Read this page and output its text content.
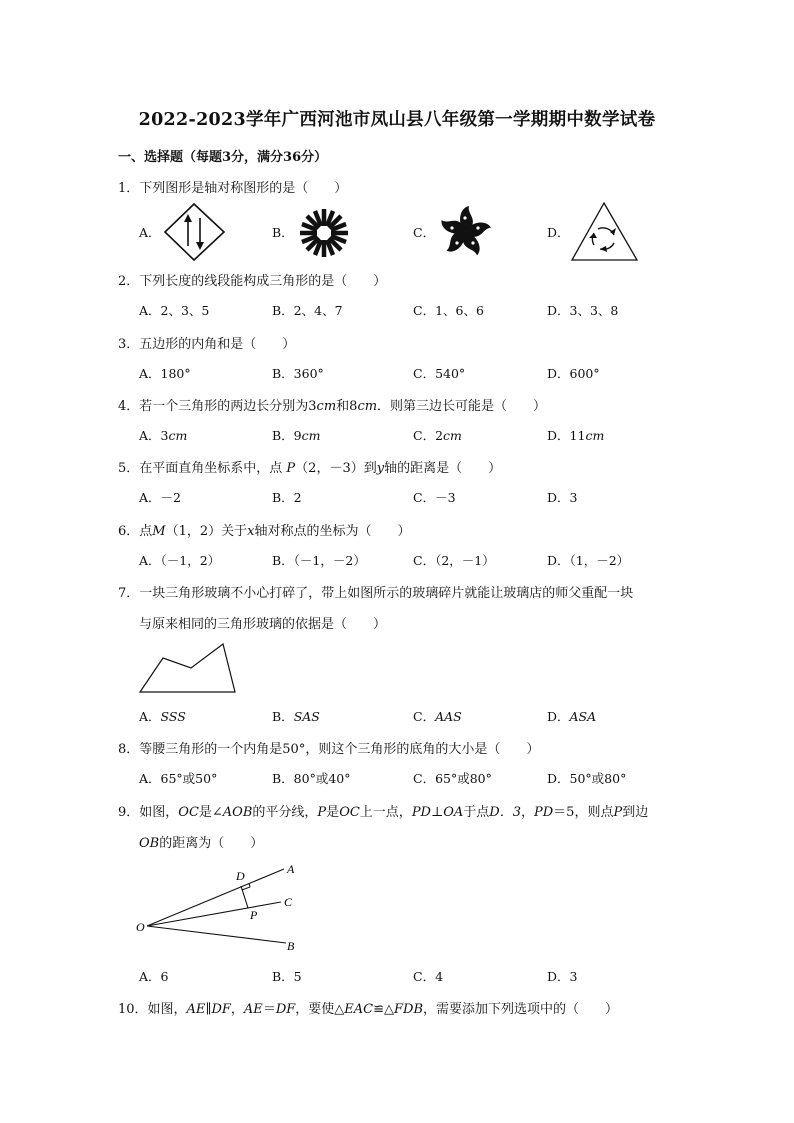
2022-2023学年广西河池市凤山县八年级第一学期期中数学试卷
一、选择题（每题3分，满分36分）
1．下列图形是轴对称图形的是（　　）
A．	B．	C．	D．
2．下列长度的线段能构成三角形的是（　　）
A．2、3、5	B．2、4、7	C．1、6、6	D．3、3、8
3．五边形的内角和是（　　）
A．180°	B．360°	C．540°	D．600°
4．若一个三角形的两边长分别为3cm和8cm．则第三边长可能是（　　）
A．3cm	B．9cm	C．2cm	D．11cm
5．在平面直角坐标系中，点 P（2，－3）到y轴的距离是（　　）
A．－2	B．2	C．－3	D．3
6．点M（1，2）关于x轴对称点的坐标为（　　）
A．（－1，2）	B．（－1，－2）	C．（2，－1）	D．（1，－2）
7．一块三角形玻璃不小心打碎了，带上如图所示的玻璃碎片就能让玻璃店的师父重配一块
与原来相同的三角形玻璃的依据是（　　）
A．SSS	B．SAS	C．AAS	D．ASA
8．等腰三角形的一个内角是50°，则这个三角形的底角的大小是（　　）
A．65°或50°	B．80°或40°	C．65°或80°	D．50°或80°
9．如图，OC是∠AOB的平分线，P是OC上一点，PD⊥OA于点D．3，PD＝5，则点P到边
OB的距离为（　　）
O
A
C
B
D
P
A．6	B．5	C．4	D．3
10．如图，AE∥DF，AE＝DF，要使△EAC≌△FDB，需要添加下列选项中的（　　）
